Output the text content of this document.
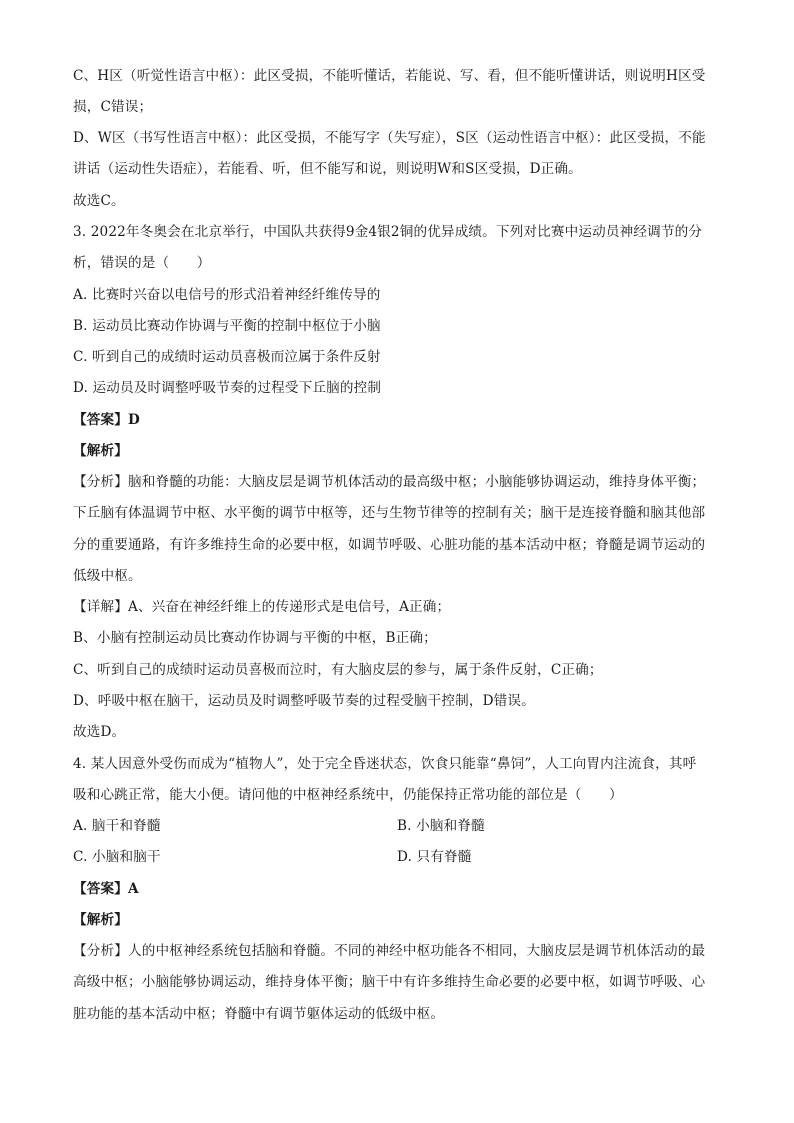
C、H区（听觉性语言中枢）：此区受损，不能听懂话，若能说、写、看，但不能听懂讲话，则说明H区受
损，C错误；
D、W区（书写性语言中枢）：此区受损，不能写字（失写症），S区（运动性语言中枢）：此区受损，不能
讲话（运动性失语症），若能看、听，但不能写和说，则说明W和S区受损，D正确。
故选C。
3. 2022年冬奥会在北京举行，中国队共获得9金4银2铜的优异成绩。下列对比赛中运动员神经调节的分
析，错误的是（　　）
A. 比赛时兴奋以电信号的形式沿着神经纤维传导的
B. 运动员比赛动作协调与平衡的控制中枢位于小脑
C. 听到自己的成绩时运动员喜极而泣属于条件反射
D. 运动员及时调整呼吸节奏的过程受下丘脑的控制
【答案】D
【解析】
【分析】脑和脊髓的功能：大脑皮层是调节机体活动的最高级中枢；小脑能够协调运动，维持身体平衡；
下丘脑有体温调节中枢、水平衡的调节中枢等，还与生物节律等的控制有关；脑干是连接脊髓和脑其他部
分的重要通路，有许多维持生命的必要中枢，如调节呼吸、心脏功能的基本活动中枢；脊髓是调节运动的
低级中枢。
【详解】A、兴奋在神经纤维上的传递形式是电信号，A正确；
B、小脑有控制运动员比赛动作协调与平衡的中枢，B正确；
C、听到自己的成绩时运动员喜极而泣时，有大脑皮层的参与，属于条件反射，C正确；
D、呼吸中枢在脑干，运动员及时调整呼吸节奏的过程受脑干控制，D错误。
故选D。
4. 某人因意外受伤而成为“植物人”，处于完全昏迷状态，饮食只能靠“鼻饲”，人工向胃内注流食，其呼
吸和心跳正常，能大小便。请问他的中枢神经系统中，仍能保持正常功能的部位是（　　）
A. 脑干和脊髓	B. 小脑和脊髓
C. 小脑和脑干	D. 只有脊髓
【答案】A
【解析】
【分析】人的中枢神经系统包括脑和脊髓。不同的神经中枢功能各不相同，大脑皮层是调节机体活动的最
高级中枢；小脑能够协调运动，维持身体平衡；脑干中有许多维持生命必要的必要中枢，如调节呼吸、心
脏功能的基本活动中枢；脊髓中有调节躯体运动的低级中枢。
